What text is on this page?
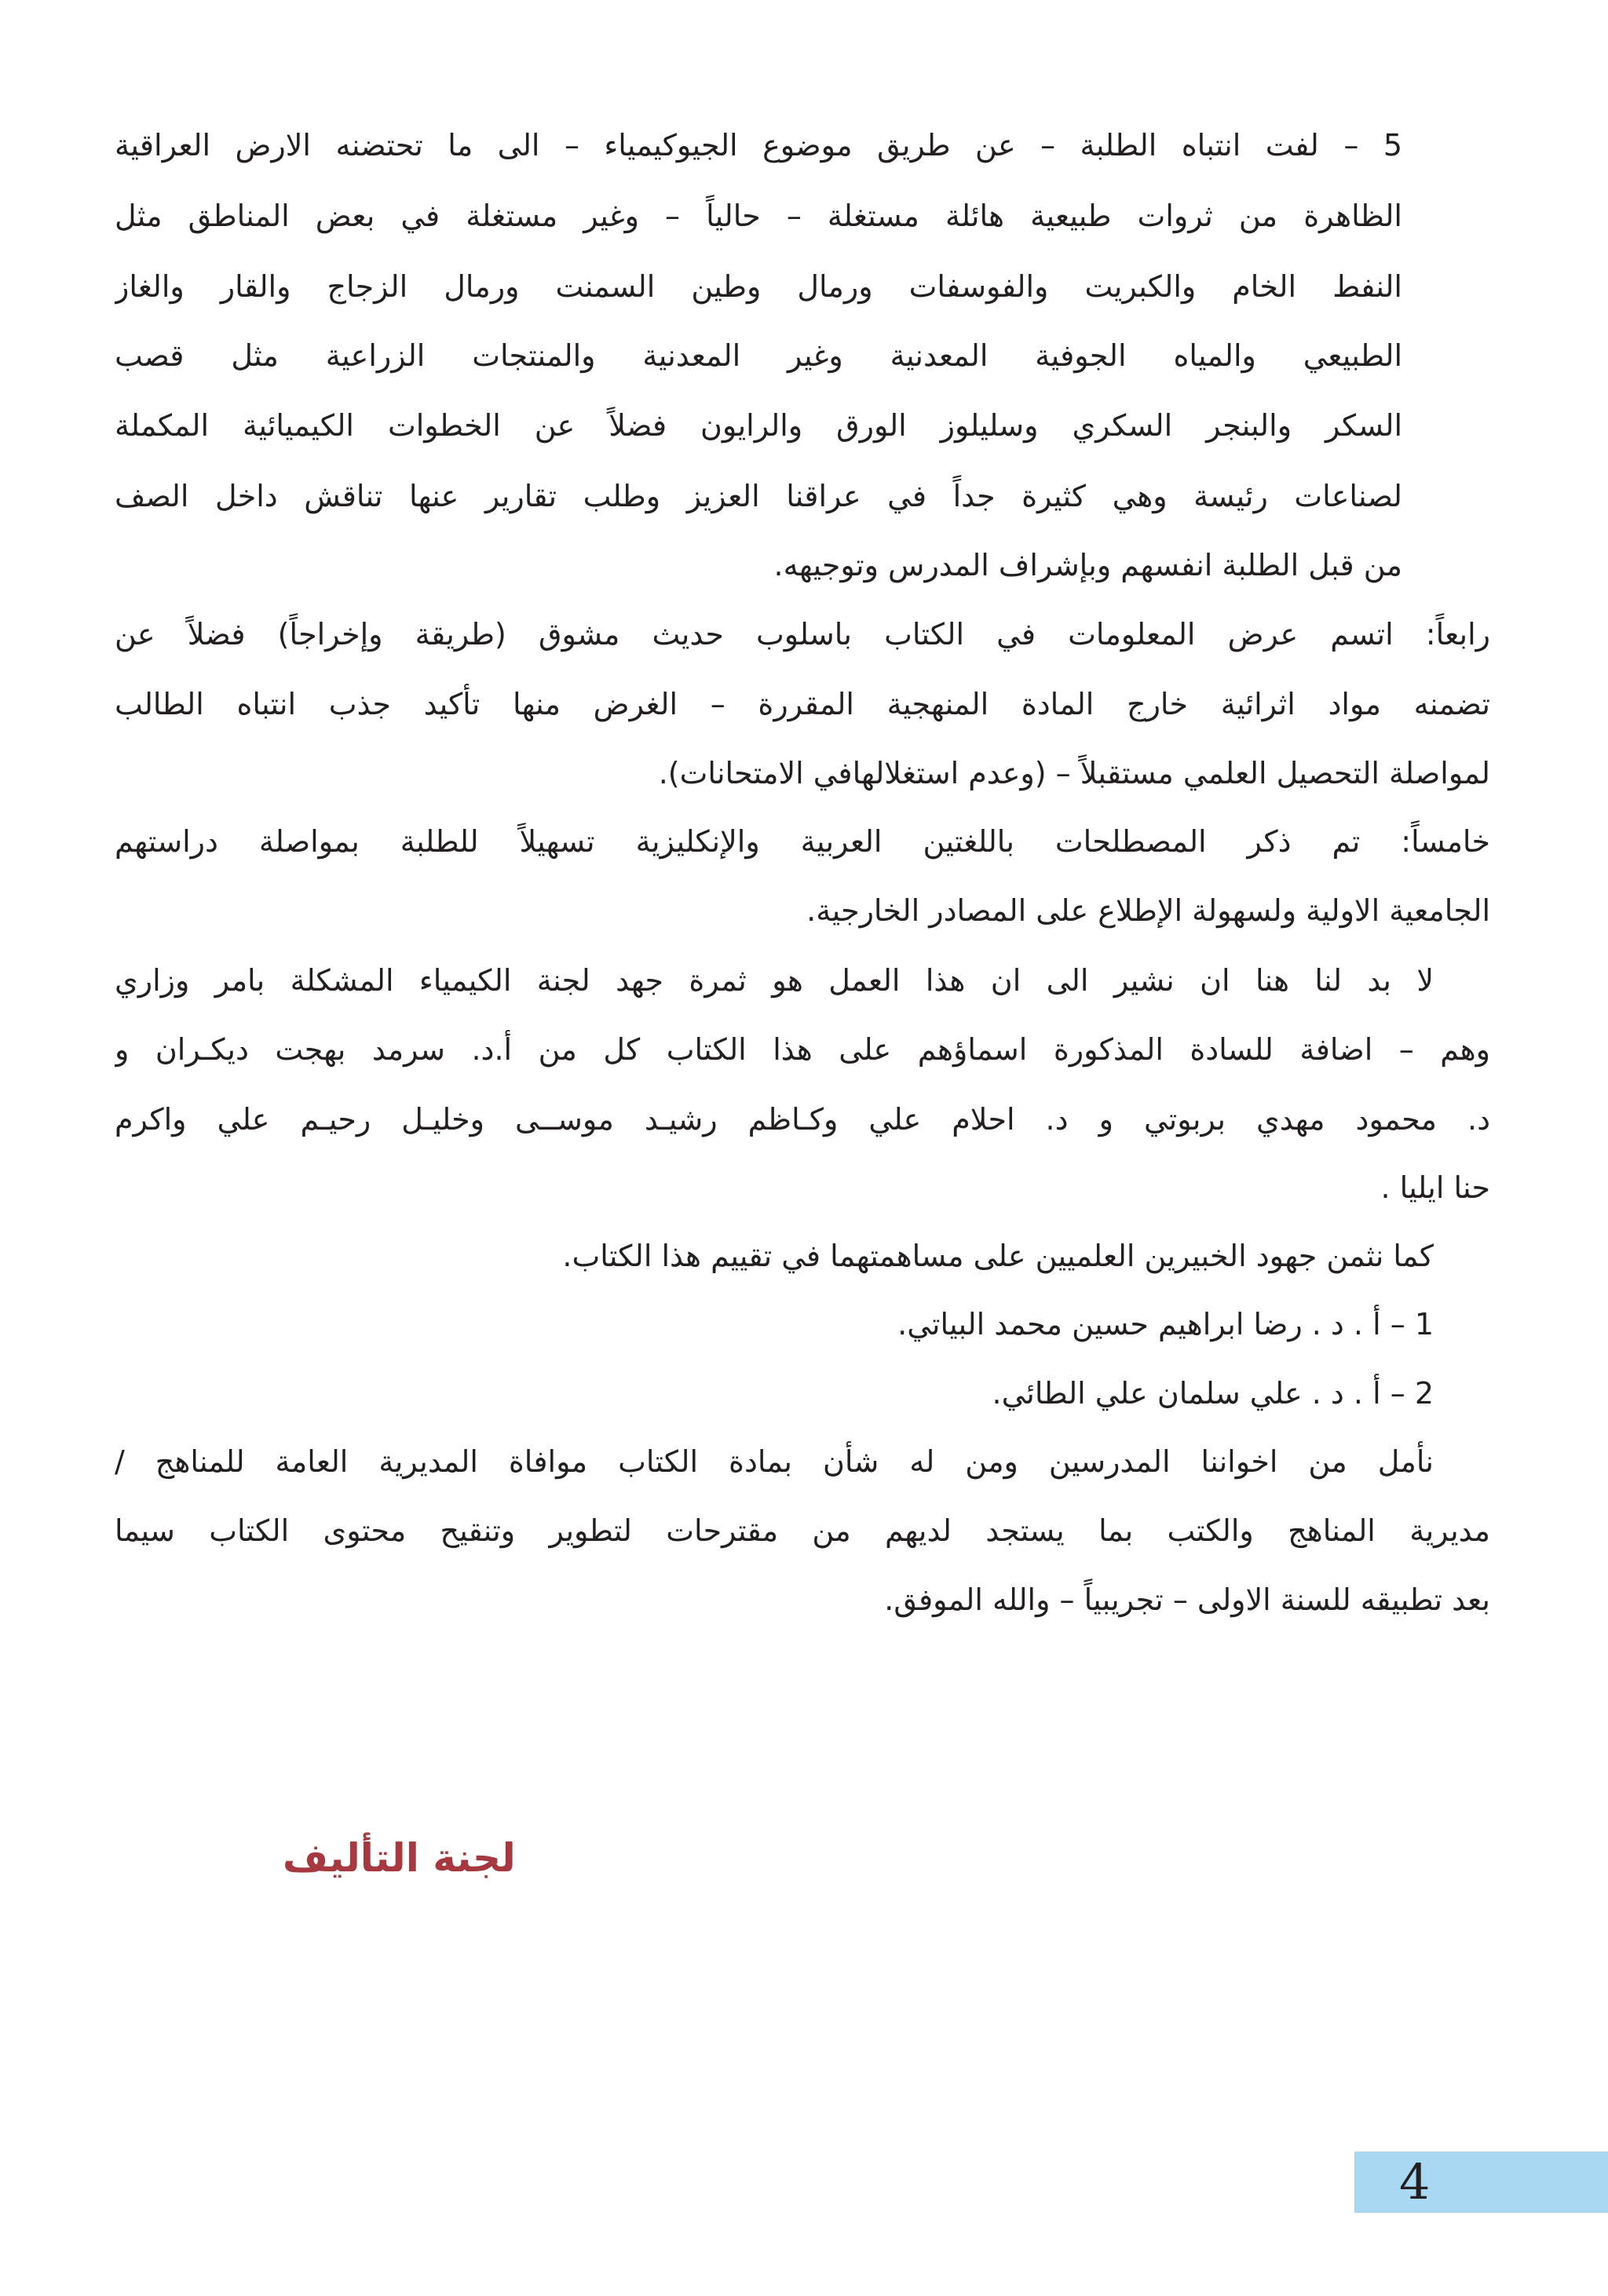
5 – لفت انتباه الطلبة – عن طريق موضوع الجيوكيمياء – الى ما تحتضنه الارض العراقية
الظاهرة من ثروات طبيعية هائلة مستغلة – حالياً – وغير مستغلة في بعض المناطق مثل
النفط الخام والكبريت والفوسفات ورمال وطين السمنت ورمال الزجاج والقار والغاز
الطبيعي والمياه الجوفية المعدنية وغير المعدنية والمنتجات الزراعية مثل قصب
السكر والبنجر السكري وسليلوز الورق والرايون فضلاً عن الخطوات الكيميائية المكملة
لصناعات رئيسة وهي كثيرة جداً في عراقنا العزيز وطلب تقارير عنها تناقش داخل الصف
من قبل الطلبة انفسهم وبإشراف المدرس وتوجيهه.
رابعاً: اتسم عرض المعلومات في الكتاب باسلوب حديث مشوق (طريقة وإخراجاً) فضلاً عن
تضمنه مواد اثرائية خارج المادة المنهجية المقررة – الغرض منها تأكيد جذب انتباه الطالب
لمواصلة التحصيل العلمي مستقبلاً – (وعدم استغلالهافي الامتحانات).
خامساً: تم ذكر المصطلحات باللغتين العربية والإنكليزية تسهيلاً للطلبة بمواصلة دراستهم
الجامعية الاولية ولسهولة الإطلاع على المصادر الخارجية.
لا بد لنا هنا ان نشير الى ان هذا العمل هو ثمرة جهد لجنة الكيمياء المشكلة بامر وزاري
وهم – اضافة للسادة المذكورة اسماؤهم على هذا الكتاب كل من أ.د. سرمد بهجت ديكـران و
د. محمود مهدي بربوتي و د. احلام علي وكـاظم رشيـد موســى وخليـل رحيـم علي واكرم
حنا ايليا .
كما نثمن جهود الخبيرين العلميين على مساهمتهما في تقييم هذا الكتاب.
1 – أ . د . رضا ابراهيم حسين محمد البياتي.
2 – أ . د . علي سلمان علي الطائي.
نأمل من اخواننا المدرسين ومن له شأن بمادة الكتاب موافاة المديرية العامة للمناهج /
مديرية المناهج والكتب بما يستجد لديهم من مقترحات لتطوير وتنقيح محتوى الكتاب سيما
بعد تطبيقه للسنة الاولى – تجريبياً – والله الموفق.
لجنة التأليف
4
